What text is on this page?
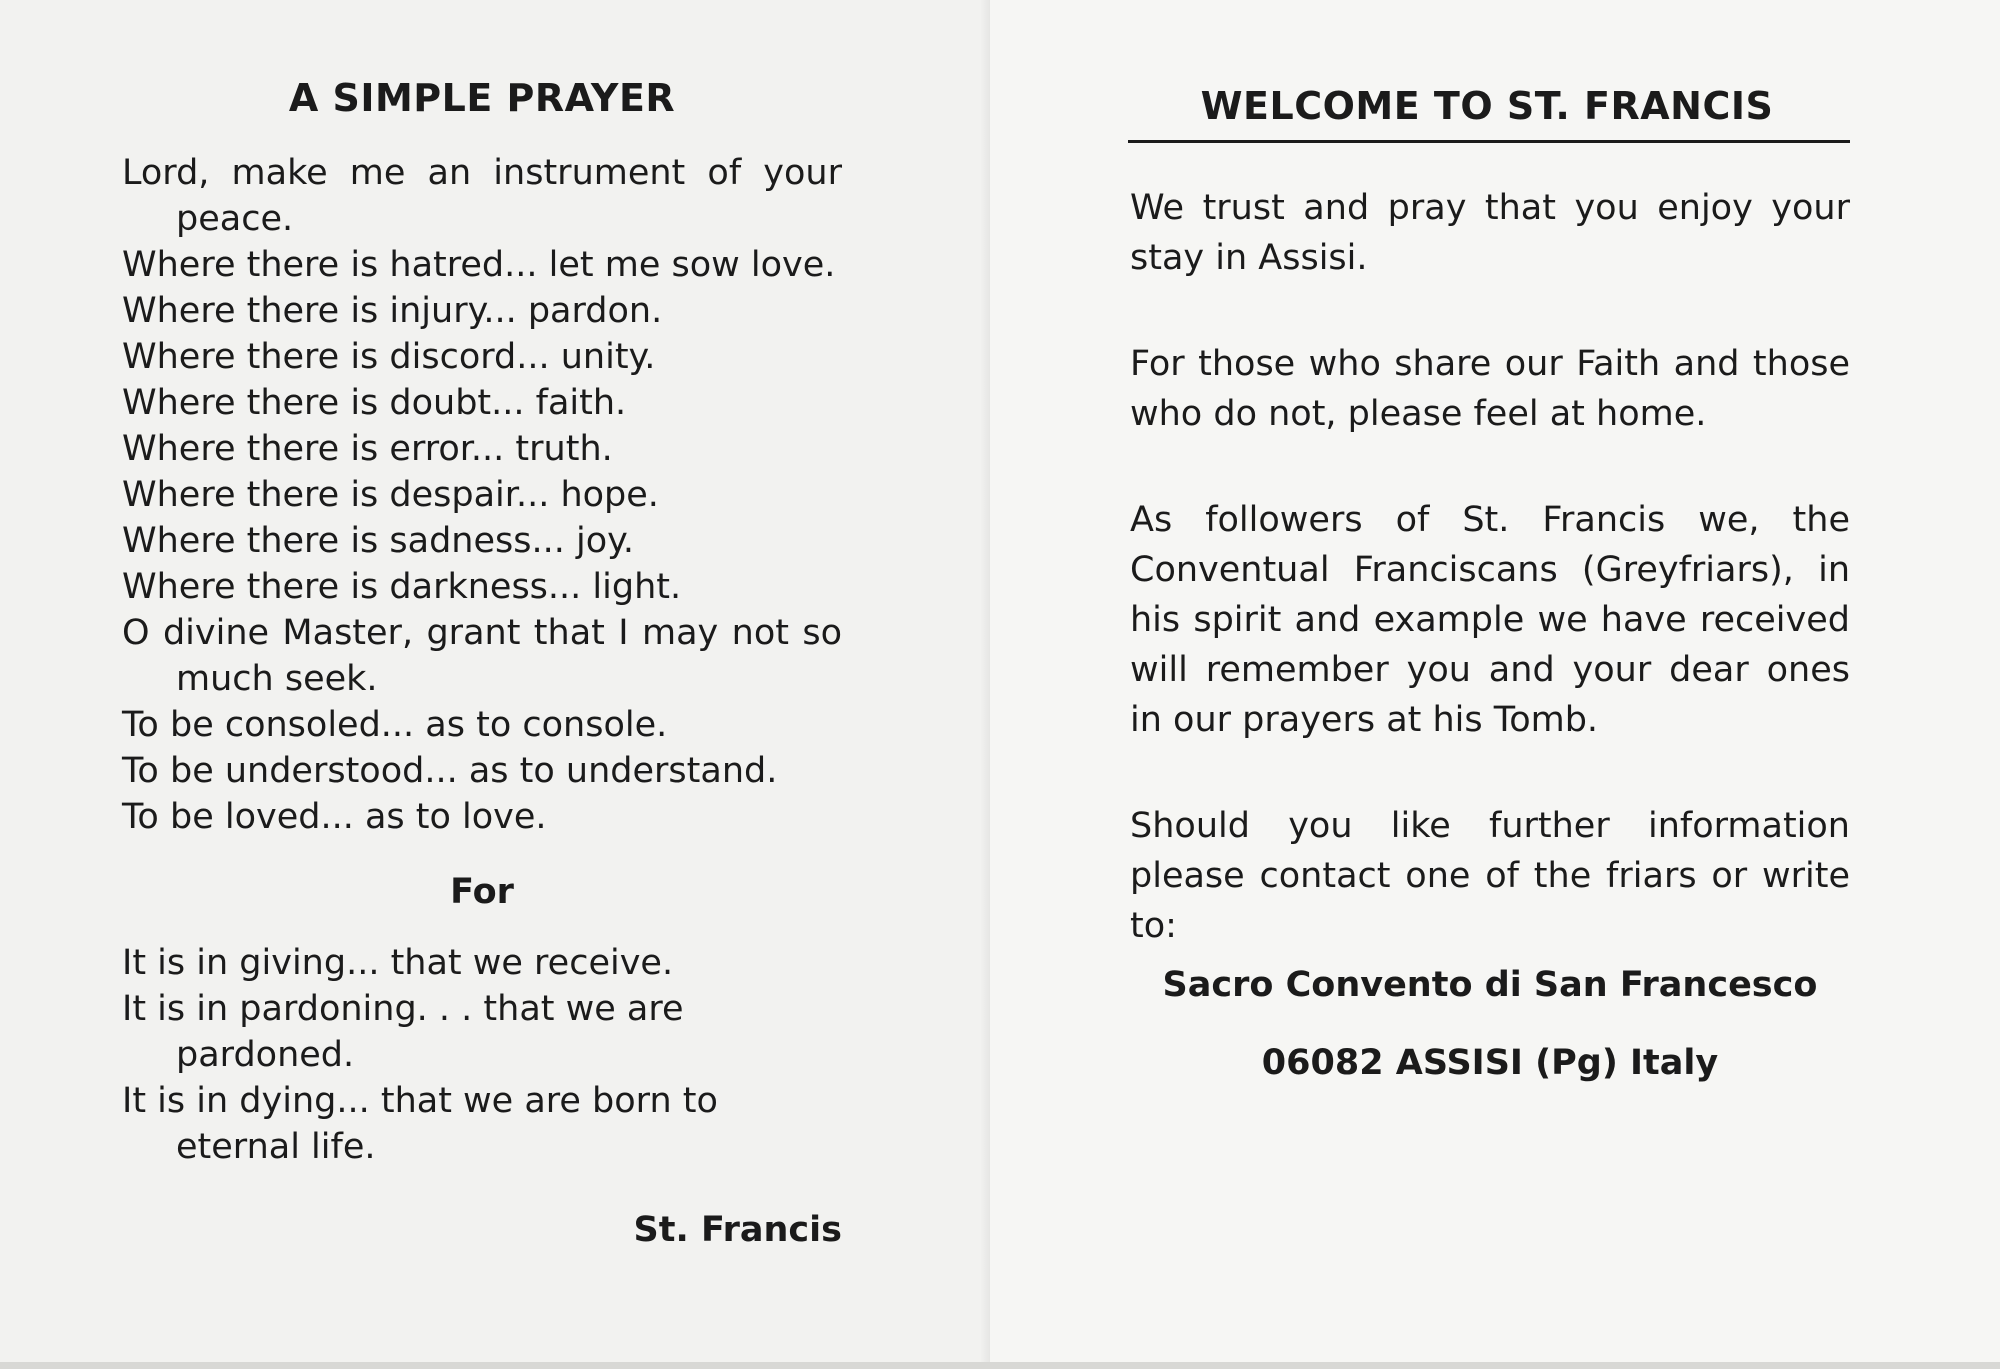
A SIMPLE PRAYER

Lord, make me an instrument of your peace.

Where there is hatred... let me sow love.

Where there is injury... pardon.

Where there is discord... unity.

Where there is doubt... faith.

Where there is error... truth.

Where there is despair... hope.

Where there is sadness... joy.

Where there is darkness... light.

O divine Master, grant that I may not so much seek.

To be consoled... as to console.

To be understood... as to understand.

To be loved... as to love.

For

It is in giving... that we receive.

It is in pardoning. . . that we are pardoned.

It is in dying... that we are born to eternal life.

St. Francis
WELCOME TO ST. FRANCIS

We trust and pray that you enjoy your stay in Assisi.

For those who share our Faith and those who do not, please feel at home.

As followers of St. Francis we, the Conventual Franciscans (Greyfriars), in his spirit and example we have received will remember you and your dear ones in our prayers at his Tomb.

Should you like further information please contact one of the friars or write to:

Sacro Convento di San Francesco
06082 ASSISI (Pg) Italy
